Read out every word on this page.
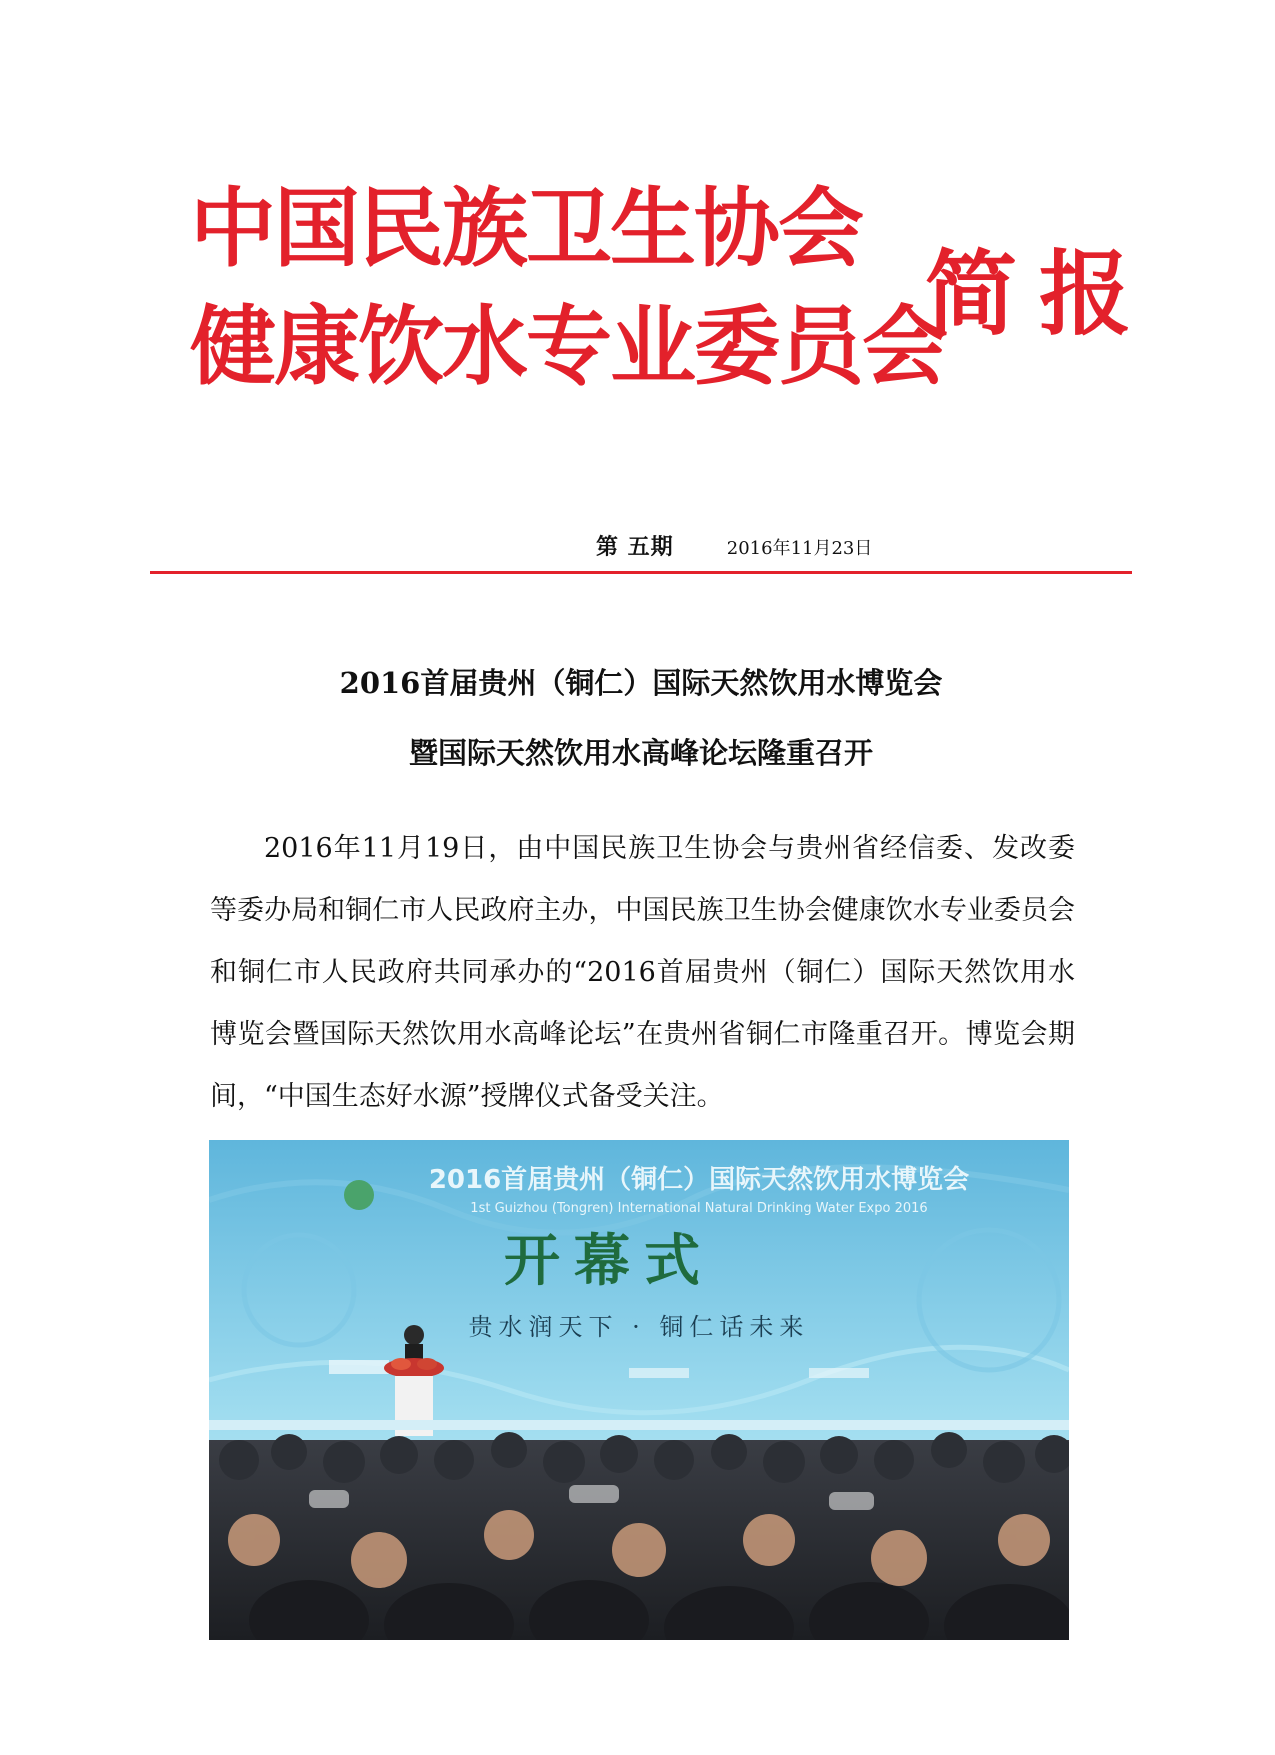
中国民族卫生协会
健康饮水专业委员会
简报
第 五期	2016年11月23日
2016首届贵州（铜仁）国际天然饮用水博览会
暨国际天然饮用水高峰论坛隆重召开
2016年11月19日，由中国民族卫生协会与贵州省经信委、发改委等委办局和铜仁市人民政府主办，中国民族卫生协会健康饮水专业委员会和铜仁市人民政府共同承办的“2016首届贵州（铜仁）国际天然饮用水博览会暨国际天然饮用水高峰论坛”在贵州省铜仁市隆重召开。博览会期间，“中国生态好水源”授牌仪式备受关注。
2016首届贵州（铜仁）国际天然饮用水博览会
1st Guizhou (Tongren) International Natural Drinking Water Expo 2016
开幕式
贵水润天下 · 铜仁话未来
